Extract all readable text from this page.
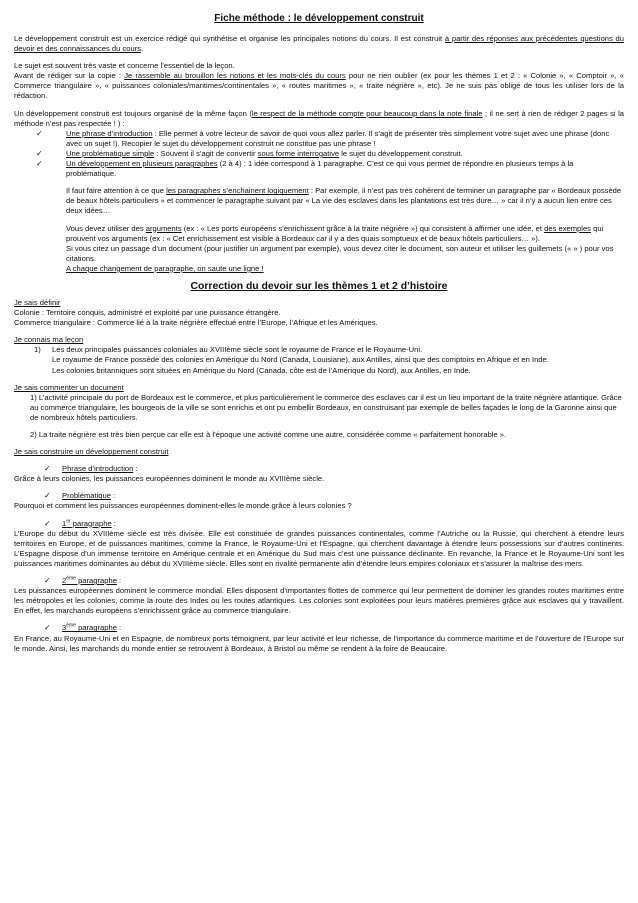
Fiche méthode : le développement construit

Le développement construit est un exercice rédigé qui synthétise et organise les principales notions du cours. Il est construit à partir des réponses aux précédentes questions du devoir et des connaissances du cours.

Le sujet est souvent très vaste et concerne l’essentiel de la leçon.

Avant de rédiger sur la copie : Je rassemble au brouillon les notions et les mots-clés du cours pour ne rien oublier (ex pour les thèmes 1 et 2 : « Colonie », « Comptoir », « Commerce triangulaire », « puissances coloniales/maritimes/continentales », « routes maritimes », « traite négrière », etc). Je ne suis pas obligé de tous les utiliser lors de la rédaction.

Un développement construit est toujours organisé de la même façon (le respect de la méthode compte pour beaucoup dans la note finale ; il ne sert à rien de rédiger 2 pages si la méthode n’est pas respectée ! ) :

✓	Une phrase d’introduction : Elle permet à votre lecteur de savoir de quoi vous allez parler. Il s’agit de présenter très simplement votre sujet avec une phrase (donc avec un sujet !). Recopier le sujet du développement construit ne constitue pas une phrase !
✓	Une problématique simple : Souvent il s’agit de convertir sous forme interrogative le sujet du développement construit.
✓	Un développement en plusieurs paragraphes (2 à 4) : 1 idée correspond à 1 paragraphe. C’est ce qui vous permet de répondre en plusieurs temps à la problématique.

Il faut faire attention à ce que les paragraphes s’enchainent logiquement : Par exemple, il n’est pas très cohérent de terminer un paragraphe par « Bordeaux possède de beaux hôtels particuliers » et commencer le paragraphe suivant par « La vie des esclaves dans les plantations est très dure… » car il n’y a aucun lien entre ces deux idées…

Vous devez utiliser des arguments (ex : « Les ports européens s’enrichissent grâce à la traite négrière ») qui consistent à affirmer une idée, et des exemples qui prouvent vos arguments (ex : « Cet enrichissement est visible à Bordeaux car il y a des quais somptueux et de beaux hôtels particuliers… »).

Si vous citez un passage d’un document (pour justifier un argument par exemple), vous devez citer le document, son auteur et utiliser les guillemets (« » ) pour vos citations.

A chaque changement de paragraphe, on saute une ligne !

Correction du devoir sur les thèmes 1 et 2 d’histoire

Je sais définir

Colonie : Territoire conquis, administré et exploité par une puissance étrangère.

Commerce triangulaire : Commerce lié à la traite négrière effectué entre l’Europe, l’Afrique et les Amériques.

Je connais ma leçon

1) Les deux principales puissances coloniales au XVIIIème siècle sont le royaume de France et le Royaume-Uni.

Le royaume de France possède des colonies en Amérique du Nord (Canada, Louisiane), aux Antilles, ainsi que des comptoirs en Afrique et en Inde.

Les colonies britanniques sont situées en Amérique du Nord (Canada, côte est de l’Amérique du Nord), aux Antilles, en Inde.

Je sais commenter un document

1) L’activité principale du port de Bordeaux est le commerce, et plus particulièrement le commerce des esclaves car il est un lieu important de la traite négrière atlantique. Grâce au commerce triangulaire, les bourgeois de la ville se sont enrichis et ont pu embellir Bordeaux, en construisant par exemple de belles façades le long de la Garonne ainsi que de nombreux hôtels particuliers.

2) La traite négrière est très bien perçue car elle est à l’époque une activité comme une autre, considérée comme « parfaitement honorable ».

Je sais construire un développement construit

✓ Phrase d’introduction :

Grâce à leurs colonies, les puissances européennes dominent le monde au XVIIIème siècle.

✓ Problématique :

Pourquoi et comment les puissances européennes dominent-elles le monde grâce à leurs colonies ?

✓ 1er paragraphe :

L’Europe du début du XVIIIème siècle est très divisée. Elle est constituée de grandes puissances continentales, comme l’Autriche ou la Russie, qui cherchent à étendre leurs territoires en Europe, et de puissances maritimes, comme la France, le Royaume-Uni et l’Espagne, qui cherchent davantage à étendre leurs possessions sur d’autres continents. L’Espagne dispose d’un immense territoire en Amérique centrale et en Amérique du Sud mais c’est une puissance déclinante. En revanche, la France et le Royaume-Uni sont les puissances maritimes dominantes au début du XVIIIème siècle. Elles sont en rivalité permanente afin d’étendre leurs empires coloniaux et s’assurer la maîtrise des mers.

✓ 2ème paragraphe :

Les puissances européennes dominent le commerce mondial. Elles disposent d’importantes flottes de commerce qui leur permettent de dominer les grandes routes maritimes entre les métropoles et les colonies, comme la route des Indes ou les routes atlantiques. Les colonies sont exploitées pour leurs matières premières grâce aux esclaves qui y travaillent. En effet, les marchands européens s’enrichissent grâce au commerce triangulaire.

✓ 3ème paragraphe :

En France, au Royaume-Uni et en Espagne, de nombreux ports témoignent, par leur activité et leur richesse, de l’importance du commerce maritime et de l’ouverture de l’Europe sur le monde. Ainsi, les marchands du monde entier se retrouvent à Bordeaux, à Bristol ou même se rendent à la foire de Beaucaire.
